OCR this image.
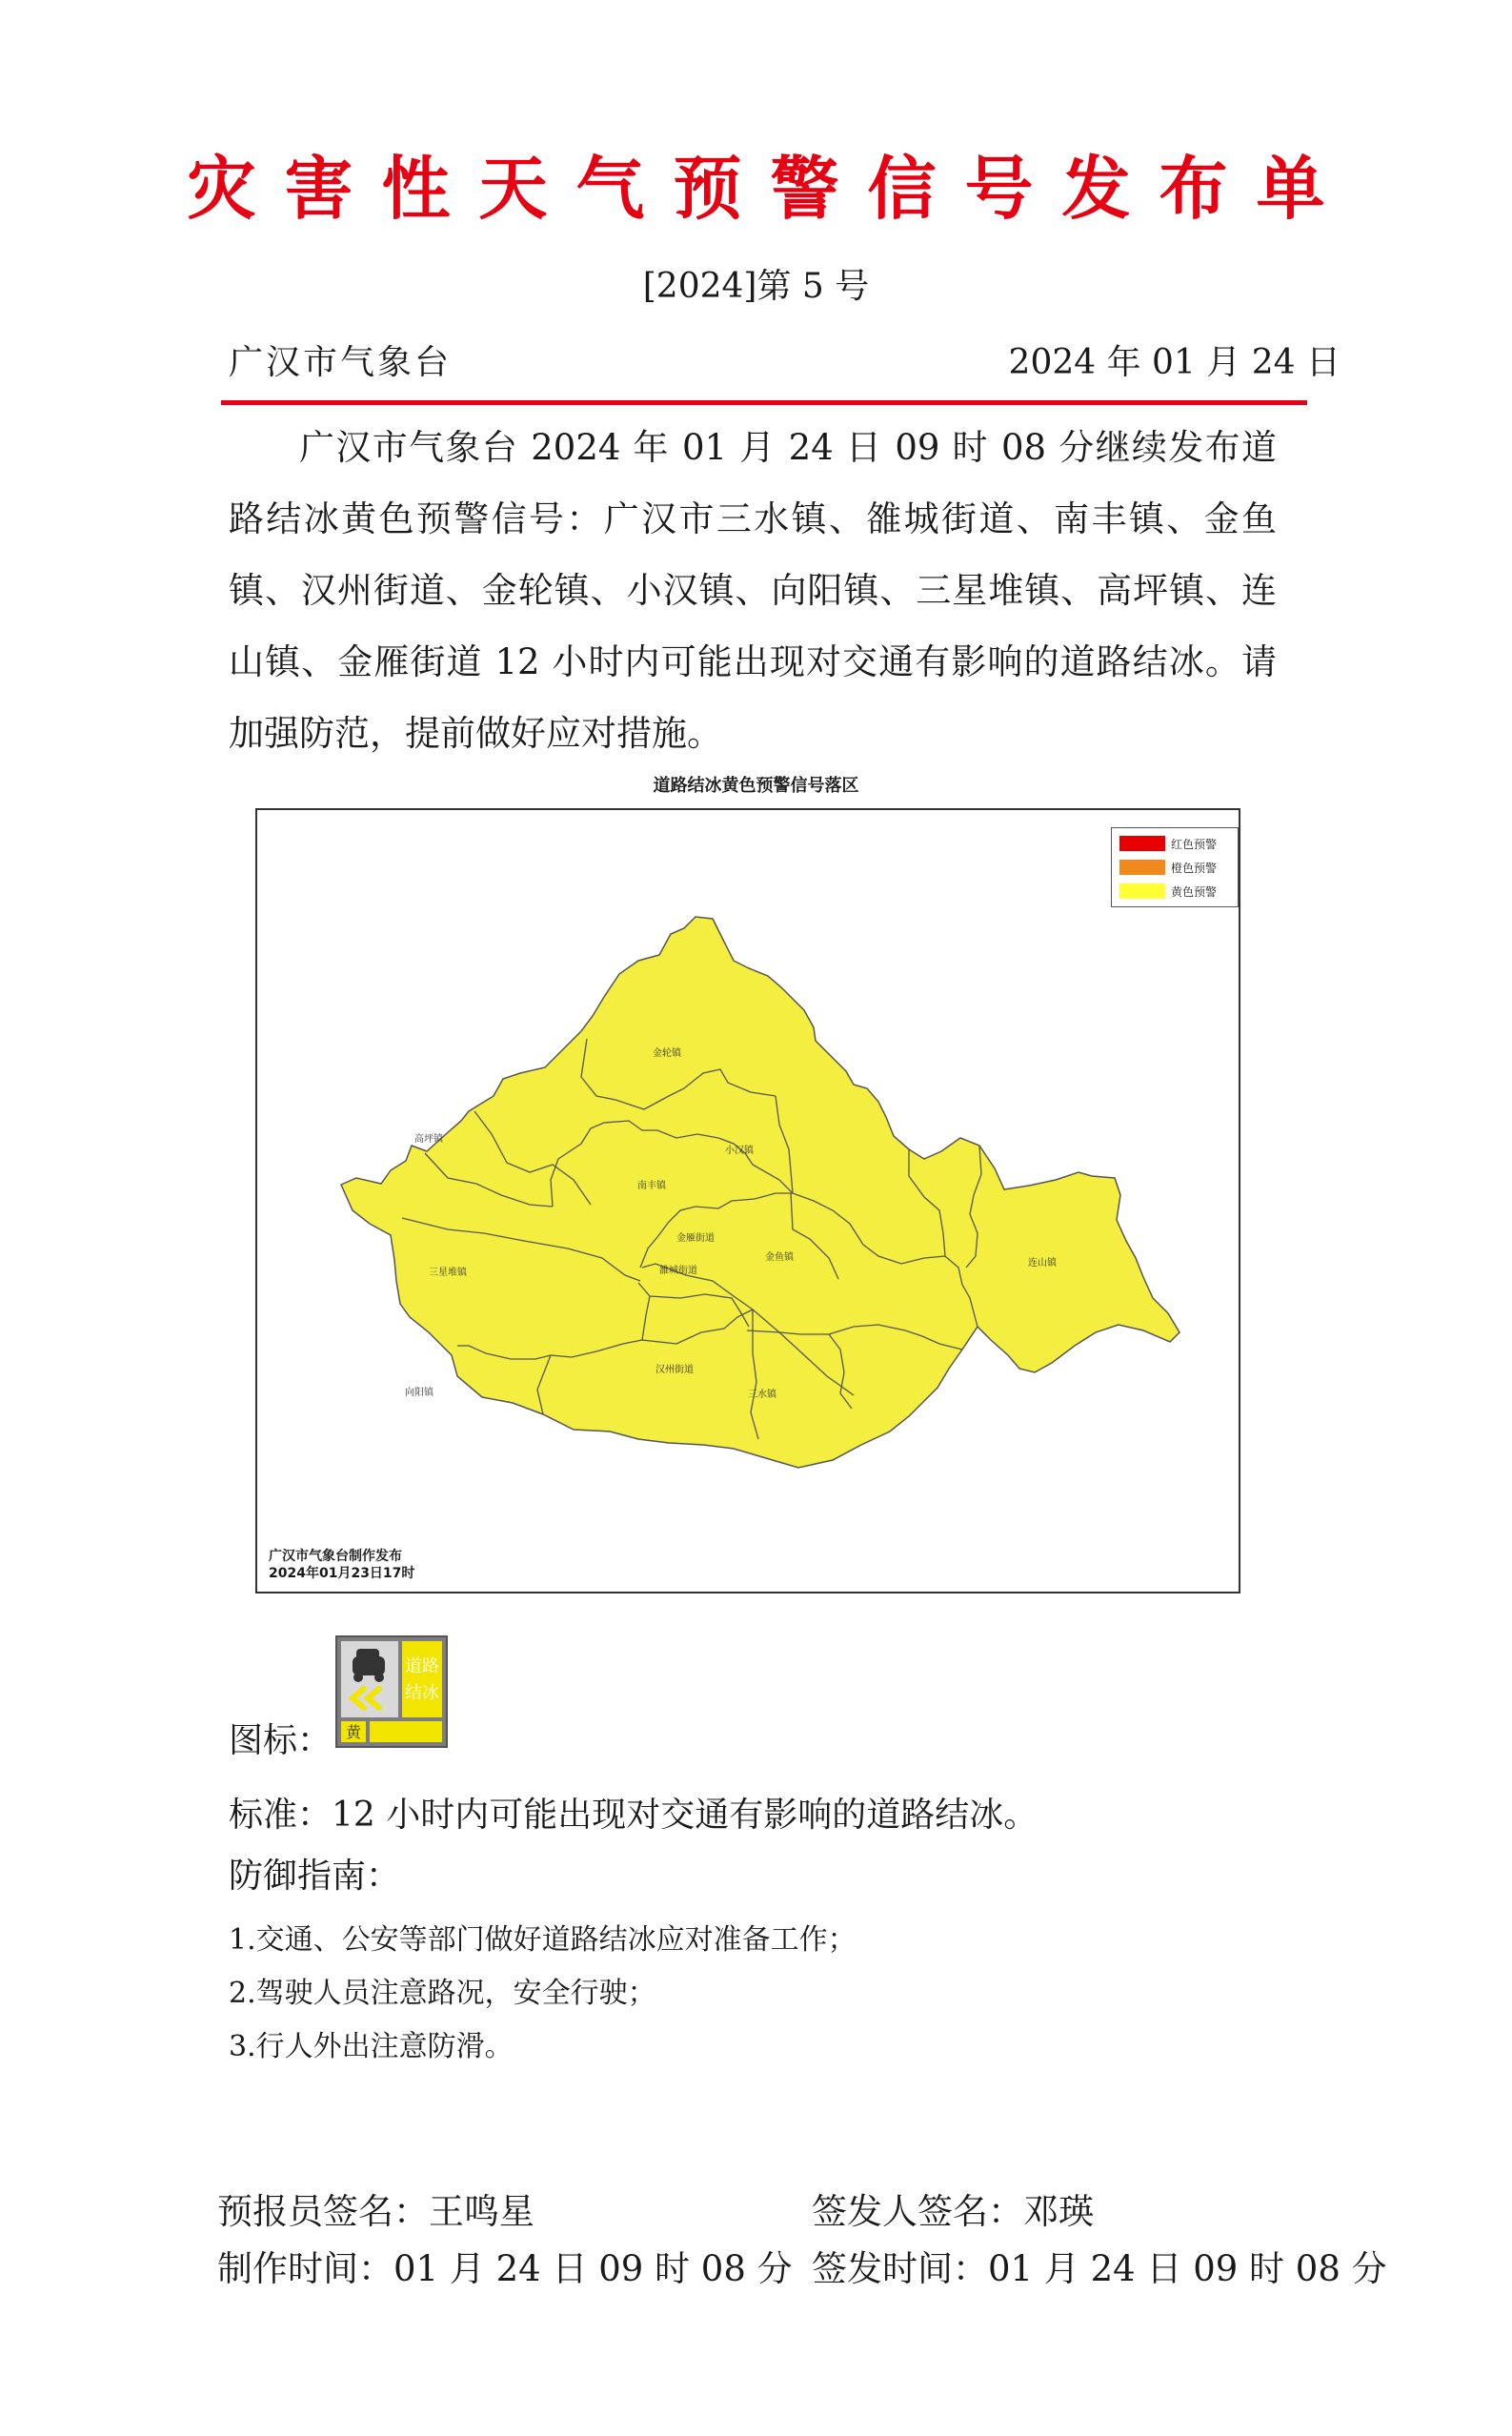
灾害性天气预警信号发布单
[2024]第 5 号
广汉市气象台	2024 年 01 月 24 日
广汉市气象台 2024 年 01 月 24 日 09 时 08 分继续发布道路结冰黄色预警信号：广汉市三水镇、雒城街道、南丰镇、金鱼镇、汉州街道、金轮镇、小汉镇、向阳镇、三星堆镇、高坪镇、连山镇、金雁街道 12 小时内可能出现对交通有影响的道路结冰。请加强防范，提前做好应对措施。
道路结冰黄色预警信号落区
金轮镇
高坪镇
小汉镇
南丰镇
金雁街道
金鱼镇
连山镇
三星堆镇	雒城街道
汉州街道
向阳镇	三水镇
红色预警
橙色预警
黄色预警
广汉市气象台制作发布
2024年01月23日17时
图标：
道路
结冰
黄
标准：12 小时内可能出现对交通有影响的道路结冰。
防御指南：
1.交通、公安等部门做好道路结冰应对准备工作；
2.驾驶人员注意路况，安全行驶；
3.行人外出注意防滑。
预报员签名：王鸣星
制作时间：01 月 24 日 09 时 08 分
签发人签名：邓瑛
签发时间：01 月 24 日 09 时 08 分
